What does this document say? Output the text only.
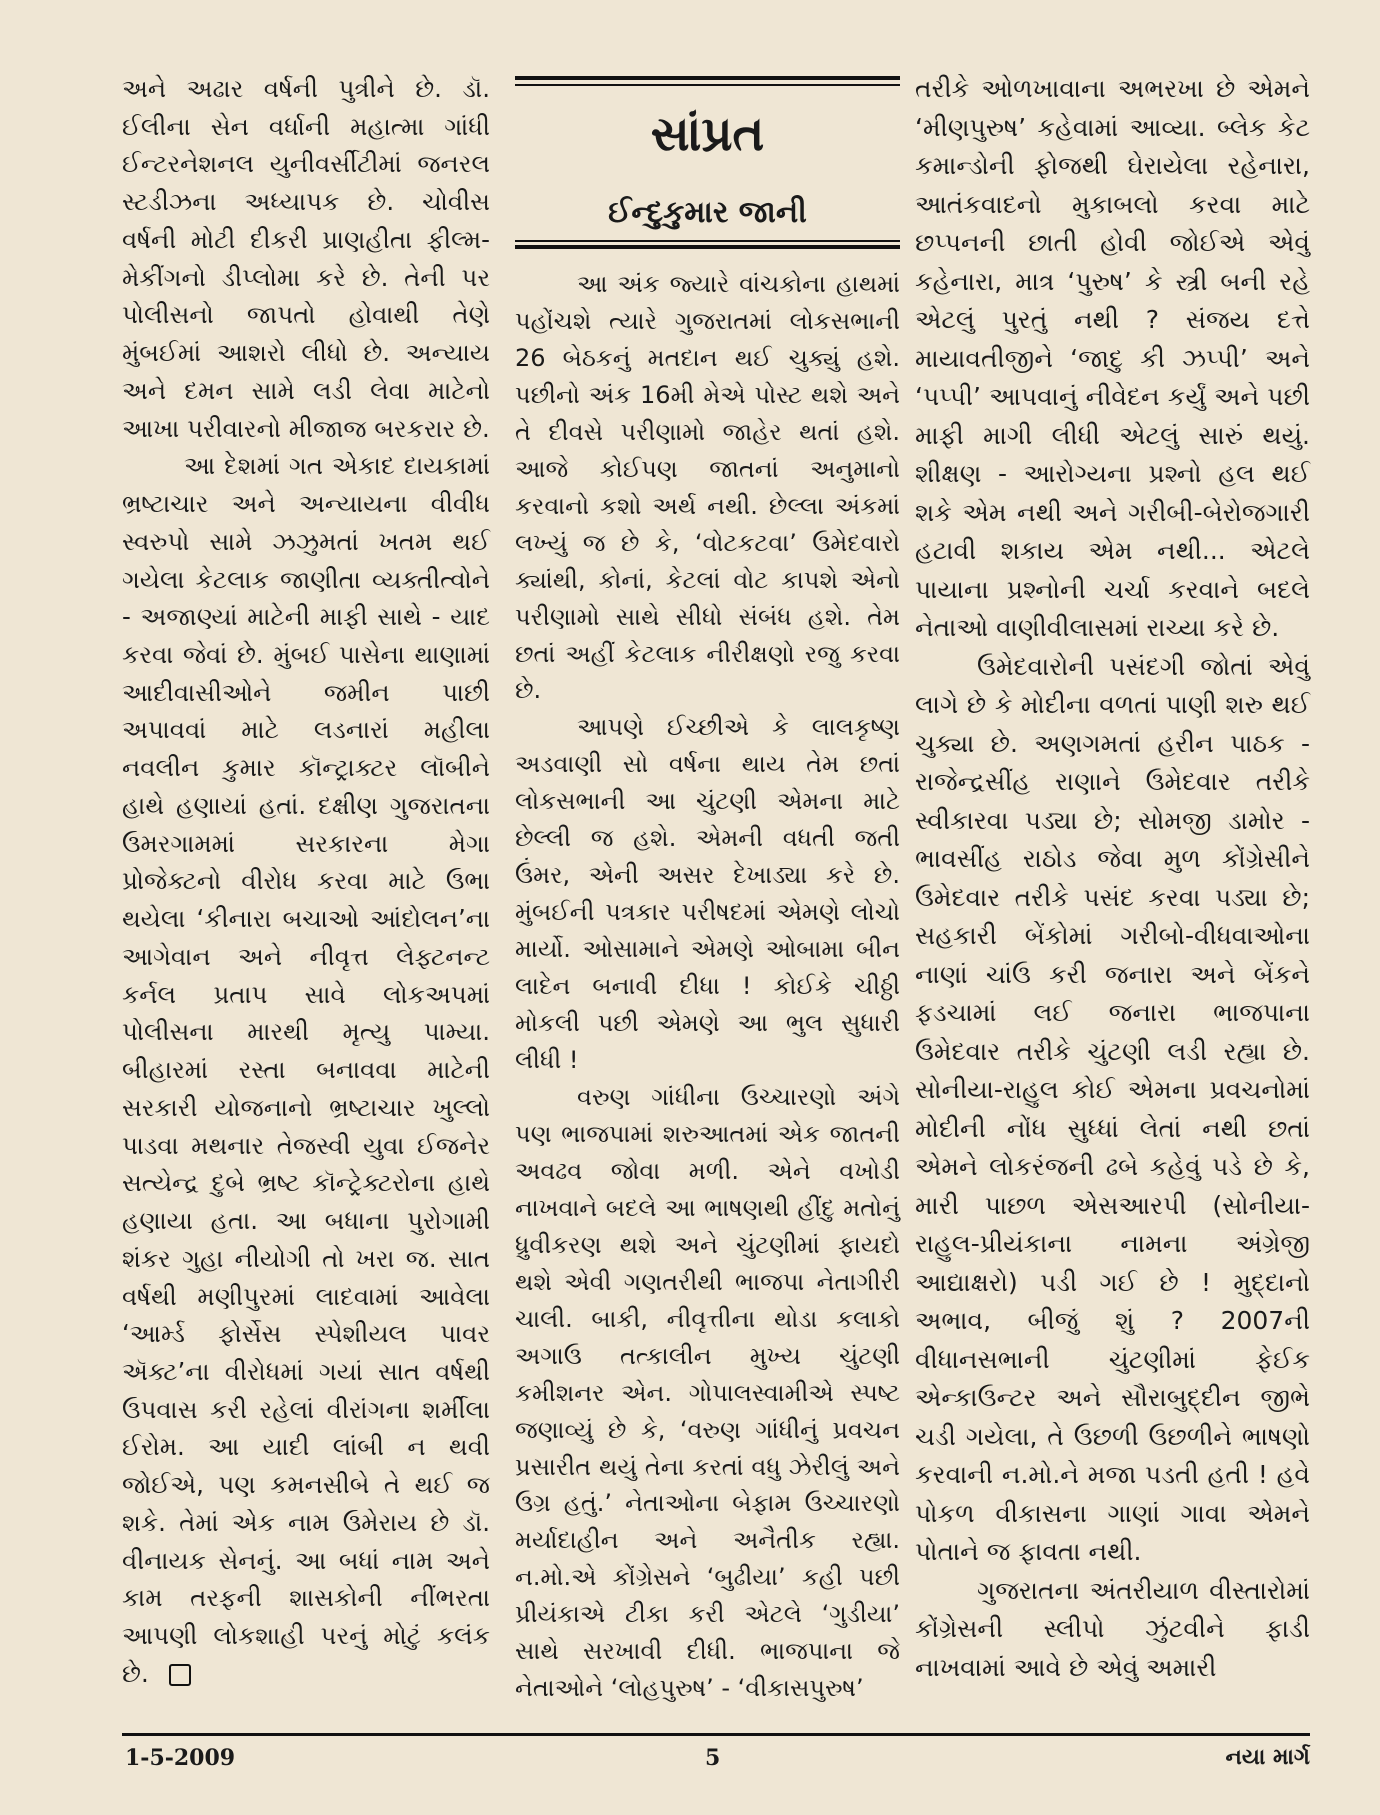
અને અઢાર વર્ષની પુત્રીને છે. ડૉ. ઈલીના સેન વર્ધાની મહાત્મા ગાંધી ઈન્ટરનેશનલ યુનીવર્સીટીમાં જનરલ સ્ટડીઝના અધ્યાપક છે. ચોવીસ વર્ષની મોટી દીકરી પ્રાણહીતા ફીલ્મ-મેકીંગનો ડીપ્લોમા કરે છે. તેની પર પોલીસનો જાપતો હોવાથી તેણે મુંબઈમાં આશરો લીધો છે. અન્યાય અને દમન સામે લડી લેવા માટેનો આખા પરીવારનો મીજાજ બરકરાર છે.

આ દેશમાં ગત એકાદ દાયકામાં ભ્રષ્ટાચાર અને અન્યાયના વીવીધ સ્વરુપો સામે ઝઝુમતાં ખતમ થઈ ગયેલા કેટલાક જાણીતા વ્યક્તીત્વોને - અજાણ્યાં માટેની માફી સાથે - યાદ કરવા જેવાં છે. મુંબઈ પાસેના થાણામાં આદીવાસીઓને જમીન પાછી અપાવવાં માટે લડનારાં મહીલા નવલીન કુમાર કૉન્ટ્રાક્ટર લૉબીને હાથે હણાયાં હતાં. દક્ષીણ ગુજરાતના ઉમરગામમાં સરકારના મેગા પ્રોજેક્ટનો વીરોધ કરવા માટે ઉભા થયેલા ‘કીનારા બચાઓ આંદોલન’ના આગેવાન અને નીવૃત્ત લેફ્ટનન્ટ કર્નલ પ્રતાપ સાવે લોકઅપમાં પોલીસના મારથી મૃત્યુ પામ્યા. બીહારમાં રસ્તા બનાવવા માટેની સરકારી યોજનાનો ભ્રષ્ટાચાર ખુલ્લો પાડવા મથનાર તેજસ્વી યુવા ઈજનેર સત્યેન્દ્ર દુબે ભ્રષ્ટ કૉન્ટ્રેક્ટરોના હાથે હણાયા હતા. આ બધાના પુરોગામી શંકર ગુહા નીયોગી તો ખરા જ. સાત વર્ષથી મણીપુરમાં લાદવામાં આવેલા ‘આર્મ્ડ ફોર્સેસ સ્પેશીયલ પાવર ઍક્ટ’ના વીરોધમાં ગયાં સાત વર્ષથી ઉપવાસ કરી રહેલાં વીરાંગના શર્મીલા ઈરોમ. આ યાદી લાંબી ન થવી જોઈએ, પણ કમનસીબે તે થઈ જ શકે. તેમાં એક નામ ઉમેરાય છે ડૉ. વીનાયક સેનનું. આ બધાં નામ અને કામ તરફની શાસકોની નીંભરતા આપણી લોકશાહી પરનું મોટું કલંક છે.

સાંપ્રત
ઈન્દુકુમાર જાની

આ અંક જ્યારે વાંચકોના હાથમાં પહોંચશે ત્યારે ગુજરાતમાં લોકસભાની 26 બેઠકનું મતદાન થઈ ચુક્યું હશે. પછીનો અંક 16મી મેએ પોસ્ટ થશે અને તે દીવસે પરીણામો જાહેર થતાં હશે. આજે કોઈપણ જાતનાં અનુમાનો કરવાનો કશો અર્થ નથી. છેલ્લા અંકમાં લખ્યું જ છે કે, ‘વોટકટવા’ ઉમેદવારો ક્યાંથી, કોનાં, કેટલાં વોટ કાપશે એનો પરીણામો સાથે સીધો સંબંધ હશે. તેમ છતાં અહીં કેટલાક નીરીક્ષણો રજુ કરવા છે.

આપણે ઈચ્છીએ કે લાલકૃષ્ણ અડવાણી સો વર્ષના થાય તેમ છતાં લોકસભાની આ ચુંટણી એમના માટે છેલ્લી જ હશે. એમની વધતી જતી ઉંમર, એની અસર દેખાડ્યા કરે છે. મુંબઈની પત્રકાર પરીષદમાં એમણે લોચો માર્યો. ઓસામાને એમણે ઓબામા બીન લાદેન બનાવી દીધા ! કોઈકે ચીઠ્ઠી મોકલી પછી એમણે આ ભુલ સુધારી લીધી !

વરુણ ગાંધીના ઉચ્ચારણો અંગે પણ ભાજપામાં શરુઆતમાં એક જાતની અવઢવ જોવા મળી. એને વખોડી નાખવાને બદલે આ ભાષણથી હીંદુ મતોનું ધ્રુવીકરણ થશે અને ચુંટણીમાં ફાયદો થશે એવી ગણતરીથી ભાજપા નેતાગીરી ચાલી. બાકી, નીવૃત્તીના થોડા કલાકો અગાઉ તત્કાલીન મુખ્ય ચુંટણી કમીશનર એન. ગોપાલસ્વામીએ સ્પષ્ટ જણાવ્યું છે કે, ‘વરુણ ગાંધીનું પ્રવચન પ્રસારીત થયું તેના કરતાં વધુ ઝેરીલું અને ઉગ્ર હતું.’ નેતાઓના બેફામ ઉચ્ચારણો મર્યાદાહીન અને અનૈતીક રહ્યા. ન.મો.એ કોંગ્રેસને ‘બુઢીયા’ કહી પછી પ્રીયંકાએ ટીકા કરી એટલે ‘ગુડીયા’ સાથે સરખાવી દીધી. ભાજપાના જે નેતાઓને ‘લોહપુરુષ’ - ‘વીકાસપુરુષ’

તરીકે ઓળખાવાના અભરખા છે એમને ‘મીણપુરુષ’ કહેવામાં આવ્યા. બ્લેક કેટ કમાન્ડોની ફોજથી ઘેરાયેલા રહેનારા, આતંકવાદનો મુકાબલો કરવા માટે છપ્પનની છાતી હોવી જોઈએ એવું કહેનારા, માત્ર ‘પુરુષ’ કે સ્ત્રી બની રહે એટલું પુરતું નથી ? સંજય દત્તે માયાવતીજીને ‘જાદુ કી ઝપ્પી’ અને ‘પપ્પી’ આપવાનું નીવેદન કર્યું અને પછી માફી માગી લીધી એટલું સારું થયું. શીક્ષણ - આરોગ્યના પ્રશ્નો હલ થઈ શકે એમ નથી અને ગરીબી-બેરોજગારી હટાવી શકાય એમ નથી... એટલે પાયાના પ્રશ્નોની ચર્ચા કરવાને બદલે નેતાઓ વાણીવીલાસમાં રાચ્યા કરે છે.

ઉમેદવારોની પસંદગી જોતાં એવું લાગે છે કે મોદીના વળતાં પાણી શરુ થઈ ચુક્યા છે. અણગમતાં હરીન પાઠક - રાજેન્દ્રસીંહ રાણાને ઉમેદવાર તરીકે સ્વીકારવા પડ્યા છે; સોમજી ડામોર - ભાવસીંહ રાઠોડ જેવા મુળ કોંગ્રેસીને ઉમેદવાર તરીકે પસંદ કરવા પડ્યા છે; સહકારી બેંકોમાં ગરીબો-વીધવાઓના નાણાં ચાંઉ કરી જનારા અને બેંકને ફડચામાં લઈ જનારા ભાજપાના ઉમેદવાર તરીકે ચુંટણી લડી રહ્યા છે. સોનીયા-રાહુલ કોઈ એમના પ્રવચનોમાં મોદીની નોંધ સુધ્ધાં લેતાં નથી છતાં એમને લોકરંજની ઢબે કહેવું પડે છે કે, મારી પાછળ એસઆરપી (સોનીયા-રાહુલ-પ્રીયંકાના નામના અંગ્રેજી આદ્યાક્ષરો) પડી ગઈ છે ! મુદ્દાનો અભાવ, બીજું શું ? 2007ની વીધાનસભાની ચુંટણીમાં ફેઈક એન્કાઉન્ટર અને સૌરાબુદ્દીન જીભે ચડી ગયેલા, તે ઉછળી ઉછળીને ભાષણો કરવાની ન.મો.ને મજા પડતી હતી ! હવે પોકળ વીકાસના ગાણાં ગાવા એમને પોતાને જ ફાવતા નથી.

ગુજરાતના અંતરીયાળ વીસ્તારોમાં કોંગ્રેસની સ્લીપો ઝુંટવીને ફાડી નાખવામાં આવે છે એવું અમારી

1-5-2009	5	નયા માર્ગ
